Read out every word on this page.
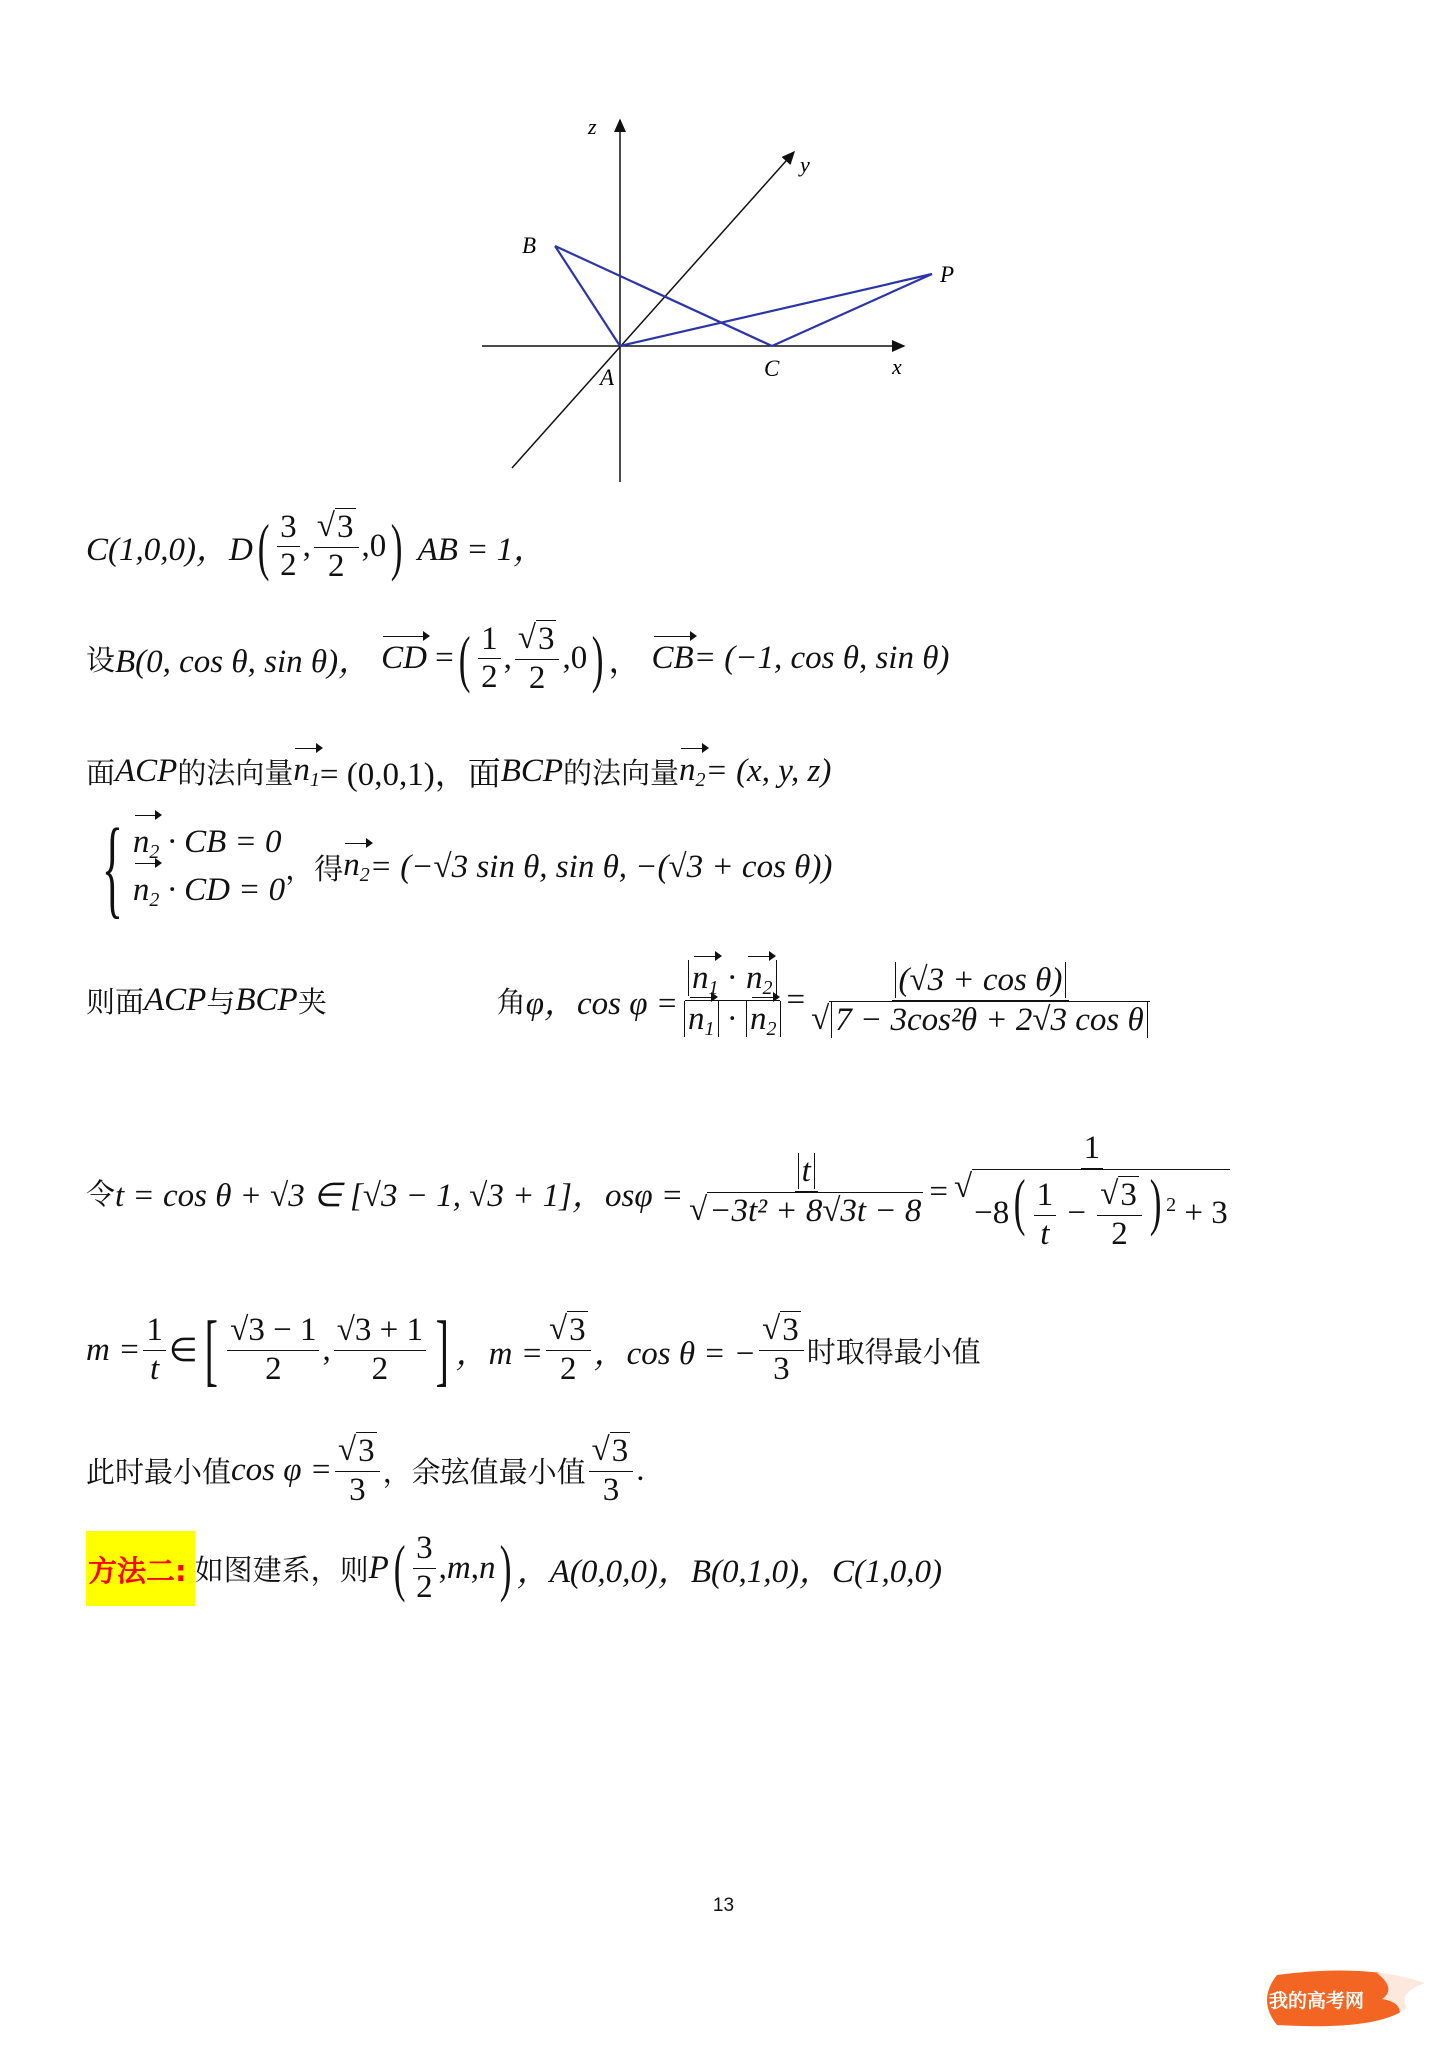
z
y
x
B
P
A	C
C(1,0,0)，D ( $\frac{3}{2}$ , $\frac{√ 3}{2} ,0$ ) AB = 1，
设 B(0, cos θ, sin θ)， CD = ( $\frac{1}{2}$ , $\frac{√ 3}{2} ,0$ ) ， CB = (−1, cos θ, sin θ)
面 ACP 的法向量 $n_1 = (0,0,1)$，面 BCP 的法向量 $n_2 = (x$, y, z)
{ $n_2$ · CB = 0
$n_2$ · CD = 0
，得 $n_2 = (-√3$ sin θ, sin θ, −(√3 + cos θ))
则面 ACP 与 BCP 夹	角 φ，$\cos \varphi = \frac{n_1 \cdot n_2}{n_1 \cdot n_2} = \frac{\text{(√3 + cos θ)}}{\text{√ 7 − 3cos²θ + 2√3 cos θ}}$
令 t = cos θ + √3 ∈ [√3 − 1, √3 + 1]，$os\varphi = \frac{t}{\text{√ −3t² + 8√3t − 8}} = 1$
√
$-8( \frac{1}{t} - \frac{√ 3}{2}$ ) $^2$ + 3
$m = \frac{1}{t}$ ∈ [ $\frac{√3 - 1}{2}$ , $\frac{√3 + 1}{2}$ ] ，$m = \frac{√ 3}{2}$ ，cos θ = − $\frac{√ 3}{3}$ 时取得最小值
此时最小值 $\cos \varphi = \frac{√ 3}{3}$ ，余弦值最小值 $\frac{√ 3}{3}$ .
方法二: 如图建系，则 P ( $\frac{3}{2}$ , m , n ) ，A(0,0,0)，B(0,1,0)，C(1,0,0)
13
我的高考网
